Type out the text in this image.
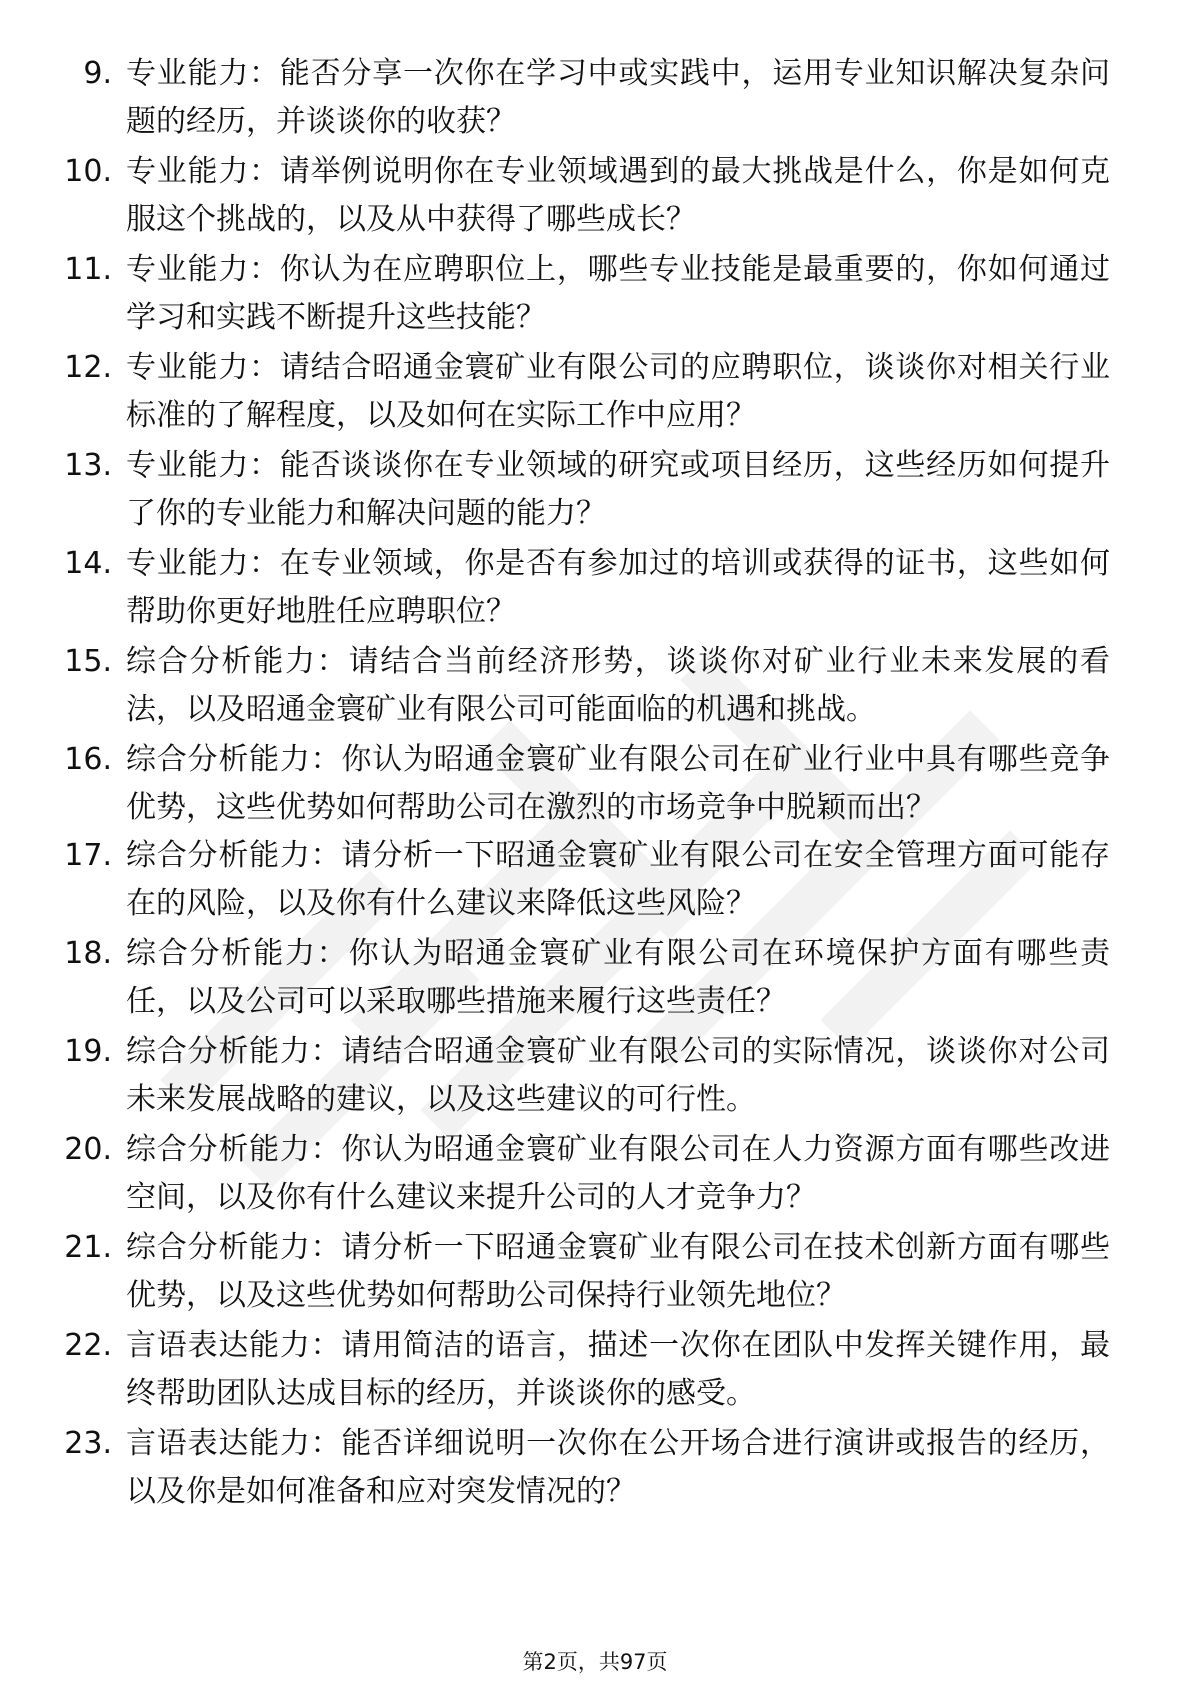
9. 专业能力：能否分享一次你在学习中或实践中，运用专业知识解决复杂问题的经历，并谈谈你的收获？
10. 专业能力：请举例说明你在专业领域遇到的最大挑战是什么，你是如何克服这个挑战的，以及从中获得了哪些成长？
11. 专业能力：你认为在应聘职位上，哪些专业技能是最重要的，你如何通过学习和实践不断提升这些技能？
12. 专业能力：请结合昭通金寰矿业有限公司的应聘职位，谈谈你对相关行业标准的了解程度，以及如何在实际工作中应用？
13. 专业能力：能否谈谈你在专业领域的研究或项目经历，这些经历如何提升了你的专业能力和解决问题的能力？
14. 专业能力：在专业领域，你是否有参加过的培训或获得的证书，这些如何帮助你更好地胜任应聘职位？
15. 综合分析能力：请结合当前经济形势，谈谈你对矿业行业未来发展的看法，以及昭通金寰矿业有限公司可能面临的机遇和挑战。
16. 综合分析能力：你认为昭通金寰矿业有限公司在矿业行业中具有哪些竞争优势，这些优势如何帮助公司在激烈的市场竞争中脱颖而出？
17. 综合分析能力：请分析一下昭通金寰矿业有限公司在安全管理方面可能存在的风险，以及你有什么建议来降低这些风险？
18. 综合分析能力：你认为昭通金寰矿业有限公司在环境保护方面有哪些责任，以及公司可以采取哪些措施来履行这些责任？
19. 综合分析能力：请结合昭通金寰矿业有限公司的实际情况，谈谈你对公司未来发展战略的建议，以及这些建议的可行性。
20. 综合分析能力：你认为昭通金寰矿业有限公司在人力资源方面有哪些改进空间，以及你有什么建议来提升公司的人才竞争力？
21. 综合分析能力：请分析一下昭通金寰矿业有限公司在技术创新方面有哪些优势，以及这些优势如何帮助公司保持行业领先地位？
22. 言语表达能力：请用简洁的语言，描述一次你在团队中发挥关键作用，最终帮助团队达成目标的经历，并谈谈你的感受。
23. 言语表达能力：能否详细说明一次你在公开场合进行演讲或报告的经历，以及你是如何准备和应对突发情况的？
第2页，共97页
